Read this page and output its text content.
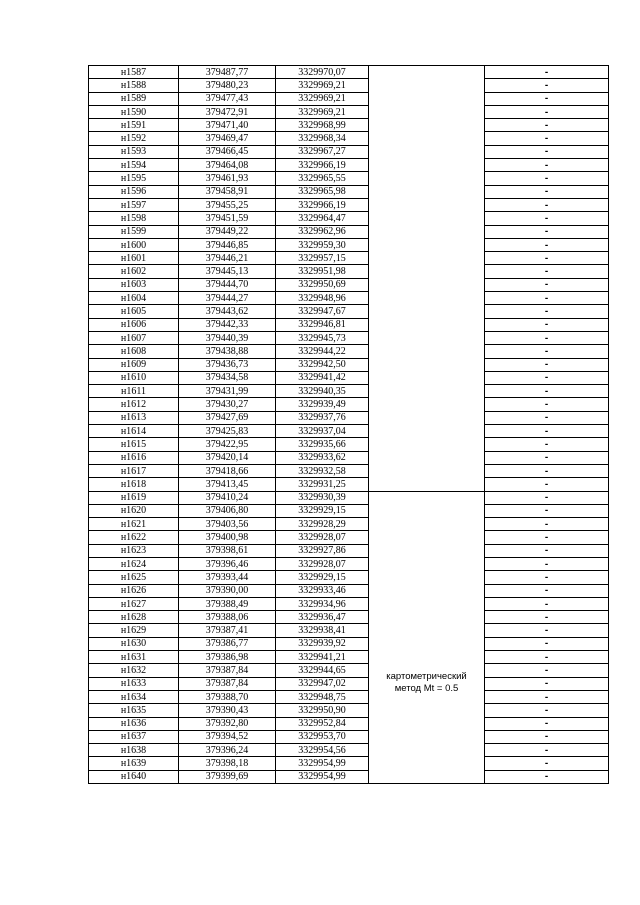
н1587	379487,77	3329970,07		-
н1588	379480,23	3329969,21		-
н1589	379477,43	3329969,21		-
н1590	379472,91	3329969,21		-
н1591	379471,40	3329968,99		-
н1592	379469,47	3329968,34		-
н1593	379466,45	3329967,27		-
н1594	379464,08	3329966,19		-
н1595	379461,93	3329965,55		-
н1596	379458,91	3329965,98		-
н1597	379455,25	3329966,19		-
н1598	379451,59	3329964,47		-
н1599	379449,22	3329962,96		-
н1600	379446,85	3329959,30		-
н1601	379446,21	3329957,15		-
н1602	379445,13	3329951,98		-
н1603	379444,70	3329950,69		-
н1604	379444,27	3329948,96		-
н1605	379443,62	3329947,67		-
н1606	379442,33	3329946,81		-
н1607	379440,39	3329945,73		-
н1608	379438,88	3329944,22		-
н1609	379436,73	3329942,50		-
н1610	379434,58	3329941,42		-
н1611	379431,99	3329940,35		-
н1612	379430,27	3329939,49		-
н1613	379427,69	3329937,76		-
н1614	379425,83	3329937,04		-
н1615	379422,95	3329935,66		-
н1616	379420,14	3329933,62		-
н1617	379418,66	3329932,58		-
н1618	379413,45	3329931,25		-
н1619	379410,24	3329930,39	картометрический метод Mt = 0.5	-
н1620	379406,80	3329929,15		-
н1621	379403,56	3329928,29		-
н1622	379400,98	3329928,07		-
н1623	379398,61	3329927,86		-
н1624	379396,46	3329928,07		-
н1625	379393,44	3329929,15		-
н1626	379390,00	3329933,46		-
н1627	379388,49	3329934,96		-
н1628	379388,06	3329936,47		-
н1629	379387,41	3329938,41		-
н1630	379386,77	3329939,92		-
н1631	379386,98	3329941,21		-
н1632	379387,84	3329944,65		-
н1633	379387,84	3329947,02		-
н1634	379388,70	3329948,75		-
н1635	379390,43	3329950,90		-
н1636	379392,80	3329952,84		-
н1637	379394,52	3329953,70		-
н1638	379396,24	3329954,56		-
н1639	379398,18	3329954,99		-
н1640	379399,69	3329954,99		-
